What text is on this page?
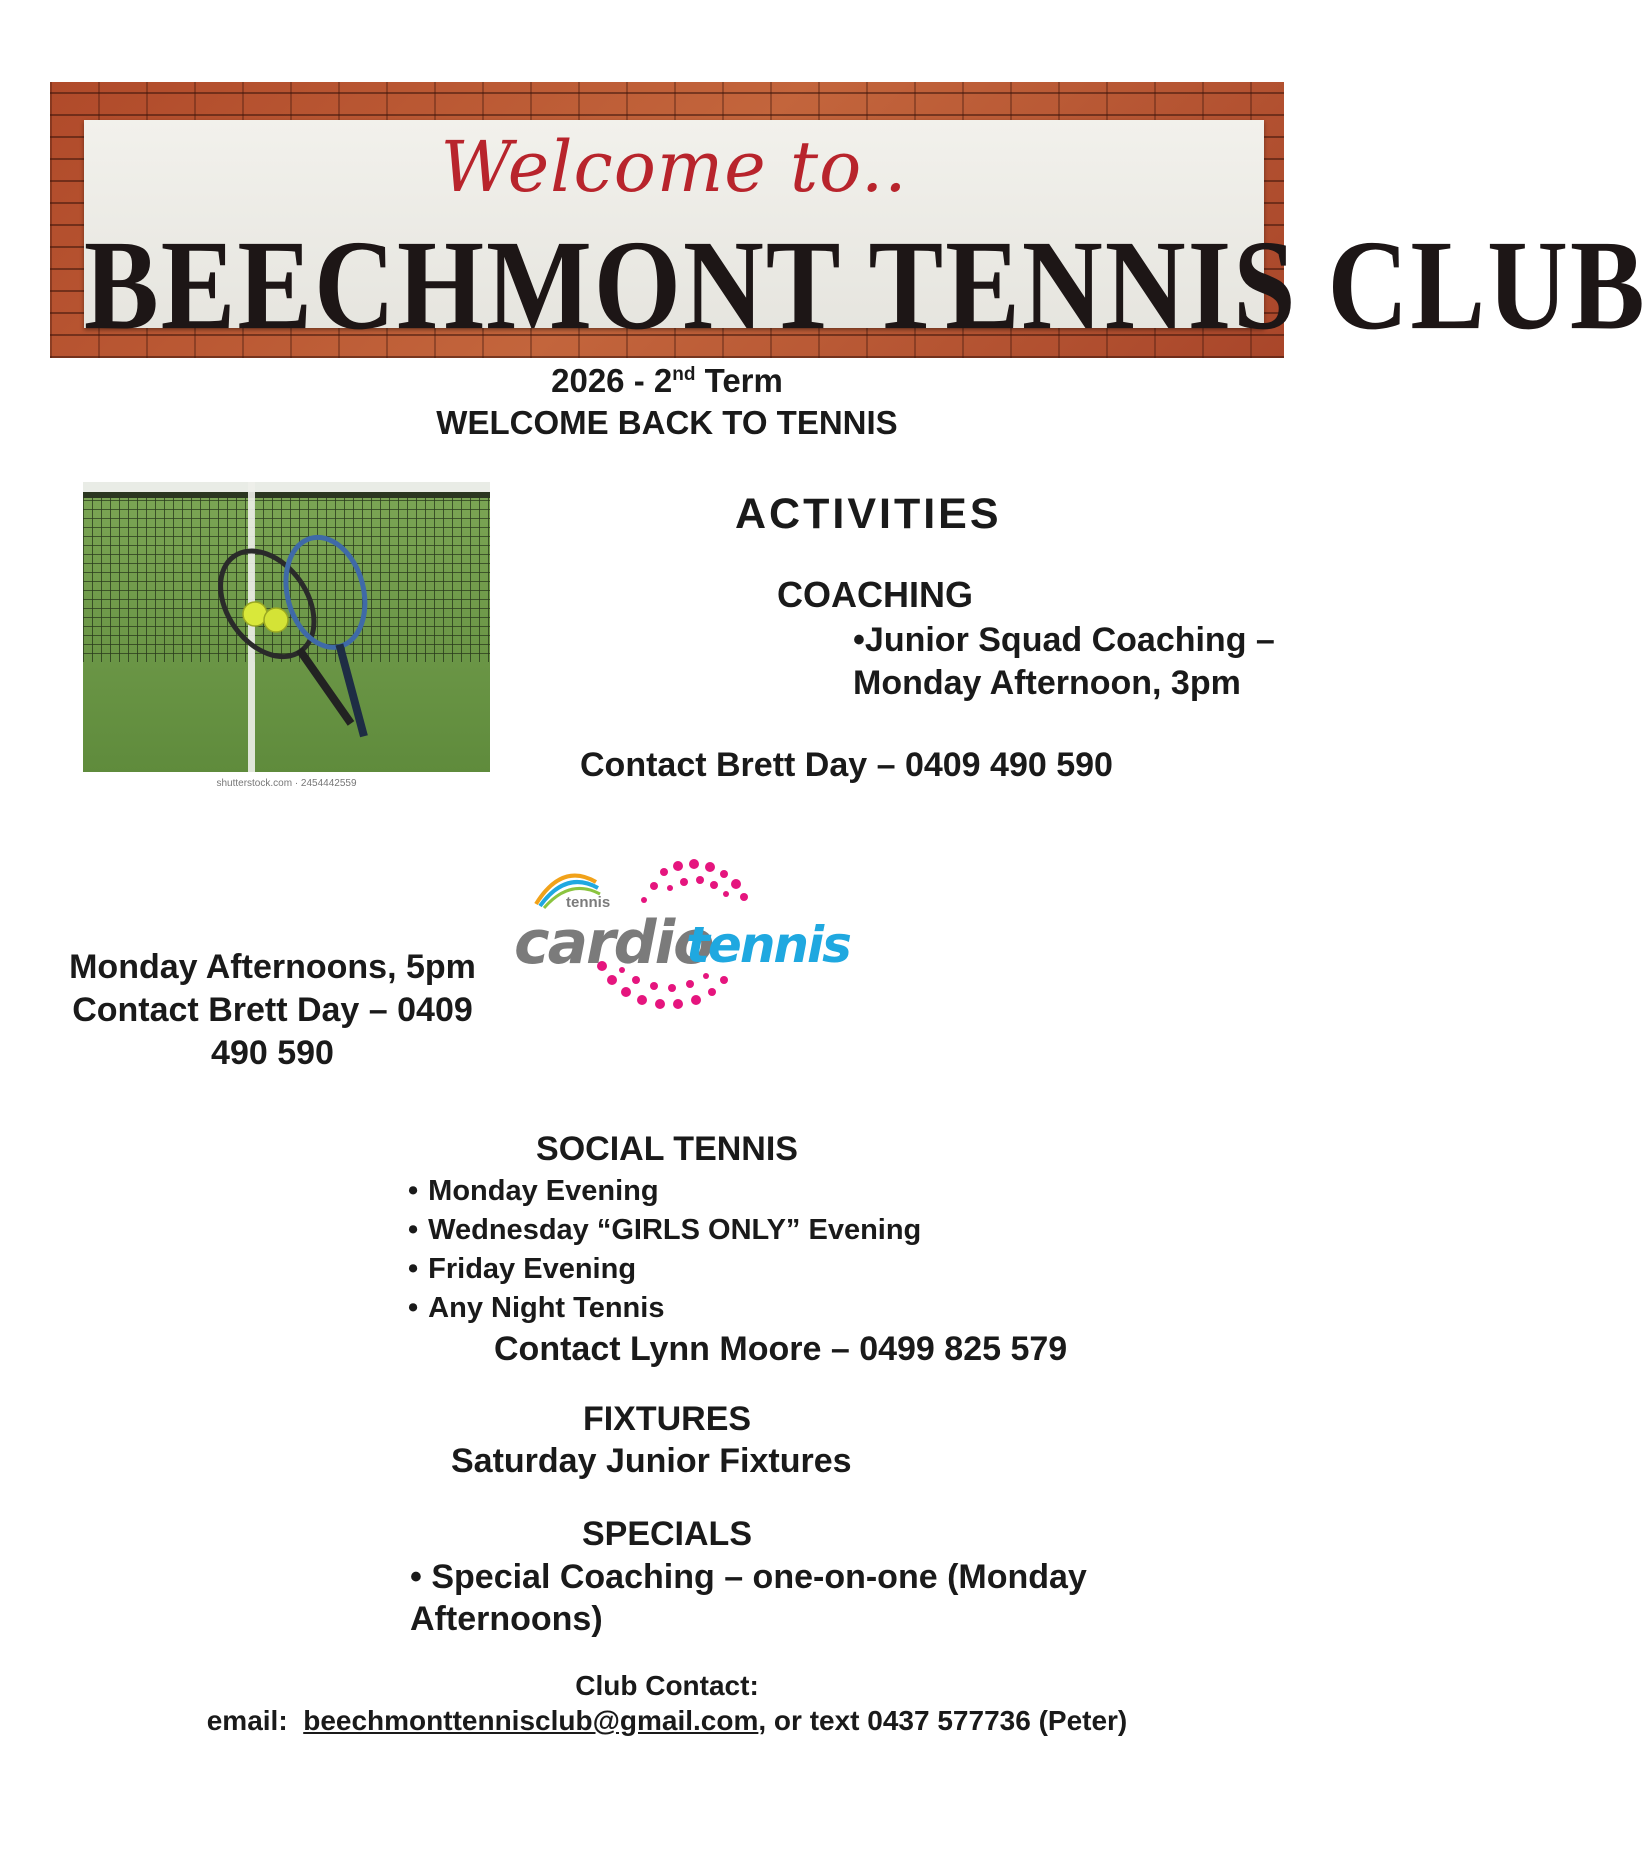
Welcome to..
BEECHMONT TENNIS CLUB
2026 - 2nd Term
WELCOME BACK TO TENNIS
shutterstock.com · 2454442559
ACTIVITIES
COACHING
•Junior Squad Coaching – Monday Afternoon, 3pm
Contact Brett Day – 0409 490 590
tennis
cardio
tennis
Monday Afternoons, 5pm
Contact Brett Day – 0409
490 590
SOCIAL TENNIS
• Monday Evening
• Wednesday “GIRLS ONLY” Evening
• Friday Evening
• Any Night Tennis
Contact Lynn Moore – 0499 825 579
FIXTURES
Saturday Junior Fixtures
SPECIALS
• Special Coaching – one-on-one (Monday Afternoons)
Club Contact:
email:  beechmonttennisclub@gmail.com, or text 0437 577736 (Peter)
